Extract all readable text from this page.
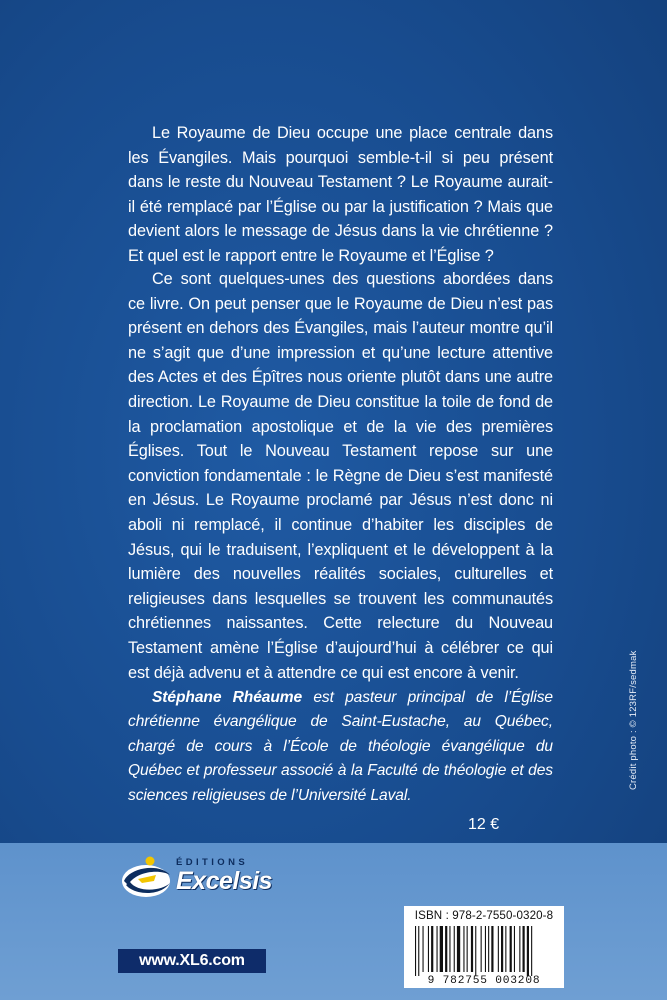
Le Royaume de Dieu occupe une place centrale dans les Évangiles. Mais pourquoi semble-t-il si peu présent dans le reste du Nouveau Testament ? Le Royaume aurait-il été remplacé par l’Église ou par la justification ? Mais que devient alors le message de Jésus dans la vie chrétienne ? Et quel est le rapport entre le Royaume et l’Église ?

Ce sont quelques-unes des questions abordées dans ce livre. On peut penser que le Royaume de Dieu n’est pas présent en dehors des Évangiles, mais l’auteur montre qu’il ne s’agit que d’une impression et qu’une lecture attentive des Actes et des Épîtres nous oriente plutôt dans une autre direction. Le Royaume de Dieu constitue la toile de fond de la proclamation apostolique et de la vie des premières Églises. Tout le Nouveau Testament repose sur une conviction fondamentale : le Règne de Dieu s’est manifesté en Jésus. Le Royaume proclamé par Jésus n’est donc ni aboli ni remplacé, il continue d’habiter les disciples de Jésus, qui le traduisent, l’expliquent et le développent à la lumière des nouvelles réalités sociales, culturelles et religieuses dans lesquelles se trouvent les communautés chrétiennes naissantes. Cette relecture du Nouveau Testament amène l’Église d’aujourd’hui à célébrer ce qui est déjà advenu et à attendre ce qui est encore à venir.

Stéphane Rhéaume est pasteur principal de l’Église chrétienne évangélique de Saint-Eustache, au Québec, chargé de cours à l’École de théologie évangélique du Québec et professeur associé à la Faculté de théologie et des sciences religieuses de l’Université Laval.

Crédit photo : © 123RF/sedmak
12 €
ÉDITIONS
Excelsis
www.XL6.com
ISBN : 978-2-7550-0320-8
9 782755 003208
